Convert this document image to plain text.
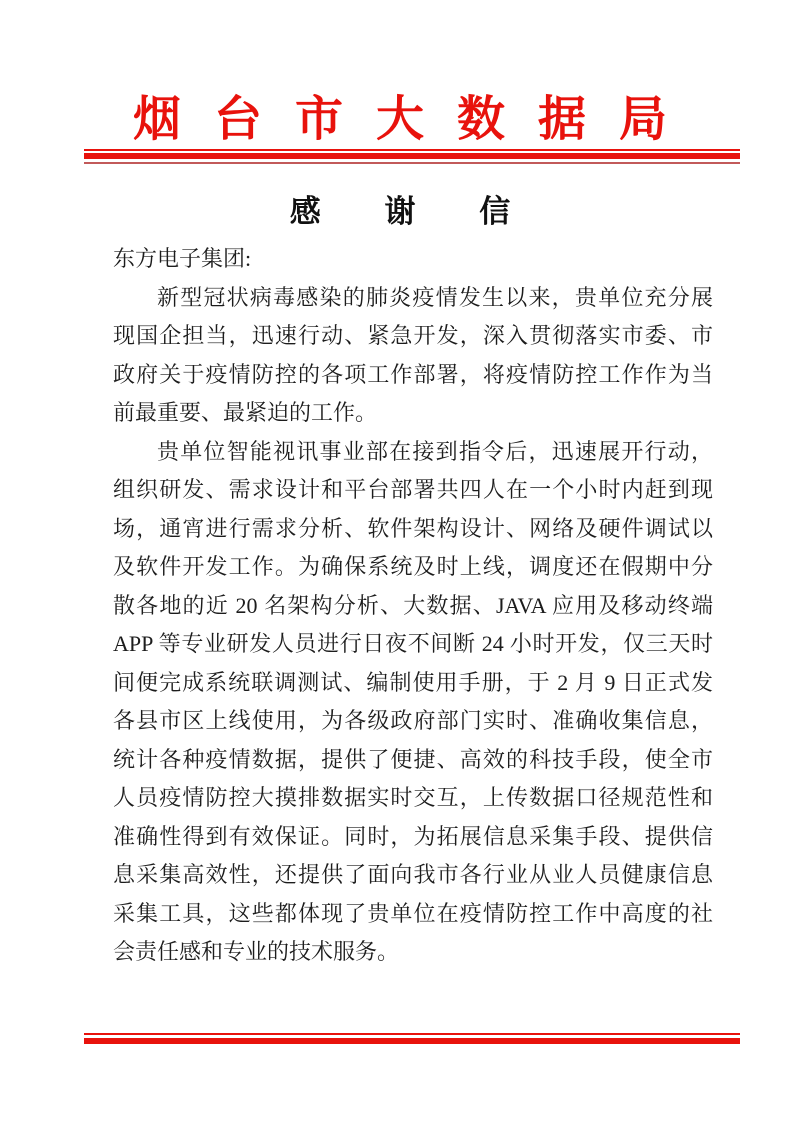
烟台市大数据局
感 谢 信
东方电子集团:
新型冠状病毒感染的肺炎疫情发生以来，贵单位充分展
现国企担当，迅速行动、紧急开发，深入贯彻落实市委、市
政府关于疫情防控的各项工作部署，将疫情防控工作作为当
前最重要、最紧迫的工作。
贵单位智能视讯事业部在接到指令后，迅速展开行动，
组织研发、需求设计和平台部署共四人在一个小时内赶到现
场，通宵进行需求分析、软件架构设计、网络及硬件调试以
及软件开发工作。为确保系统及时上线，调度还在假期中分
散各地的近 20 名架构分析、大数据、JAVA 应用及移动终端
APP 等专业研发人员进行日夜不间断 24 小时开发，仅三天时
间便完成系统联调测试、编制使用手册，于 2 月 9 日正式发
各县市区上线使用，为各级政府部门实时、准确收集信息，
统计各种疫情数据，提供了便捷、高效的科技手段，使全市
人员疫情防控大摸排数据实时交互，上传数据口径规范性和
准确性得到有效保证。同时，为拓展信息采集手段、提供信
息采集高效性，还提供了面向我市各行业从业人员健康信息
采集工具，这些都体现了贵单位在疫情防控工作中高度的社
会责任感和专业的技术服务。
